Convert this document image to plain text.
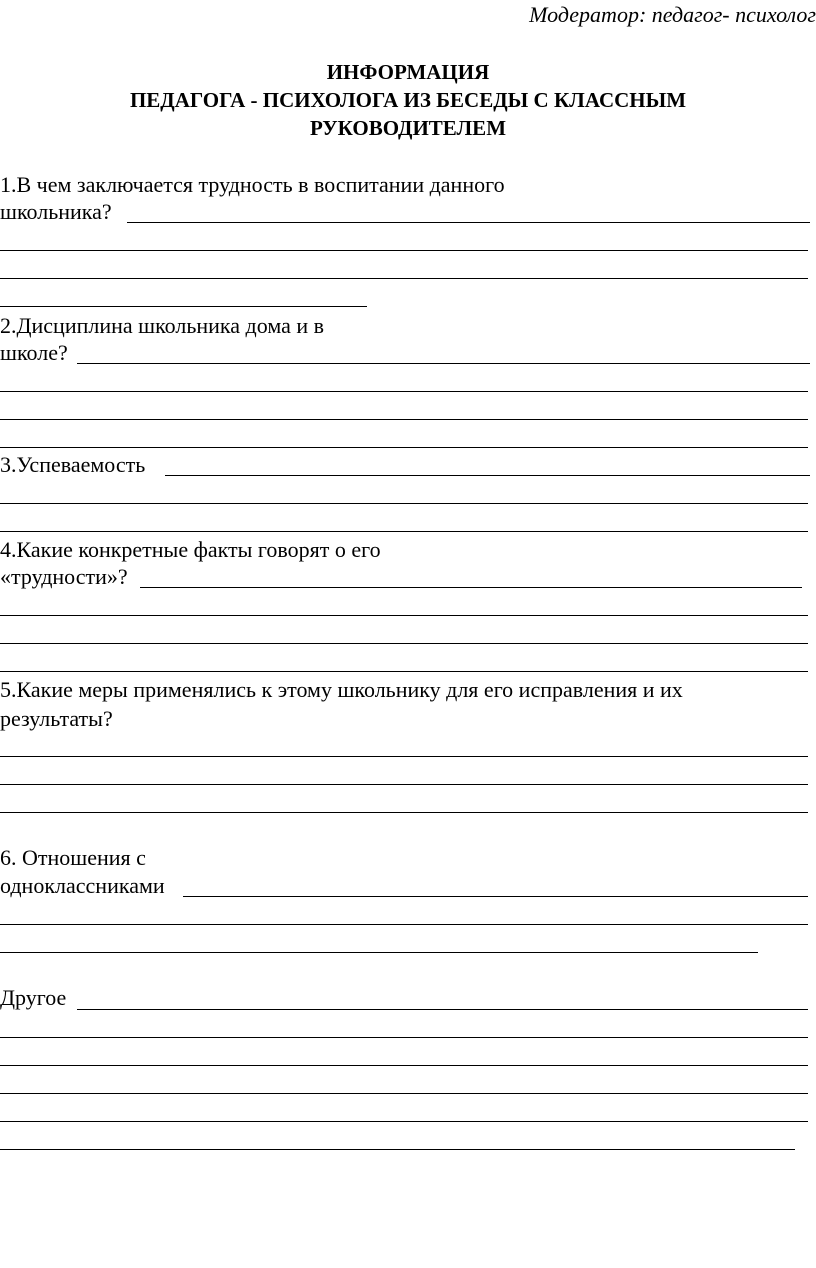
Модератор: педагог- психолог
ИНФОРМАЦИЯ
ПЕДАГОГА - ПСИХОЛОГА ИЗ БЕСЕДЫ С КЛАССНЫМ
РУКОВОДИТЕЛЕМ
1.В чем заключается трудность в воспитании данного
школьника?
2.Дисциплина школьника дома и в
школе?
3.Успеваемость
4.Какие конкретные факты говорят о его
«трудности»?
5.Какие меры применялись к этому школьнику для его исправления и их
результаты?
6. Отношения с
одноклассниками
Другое
